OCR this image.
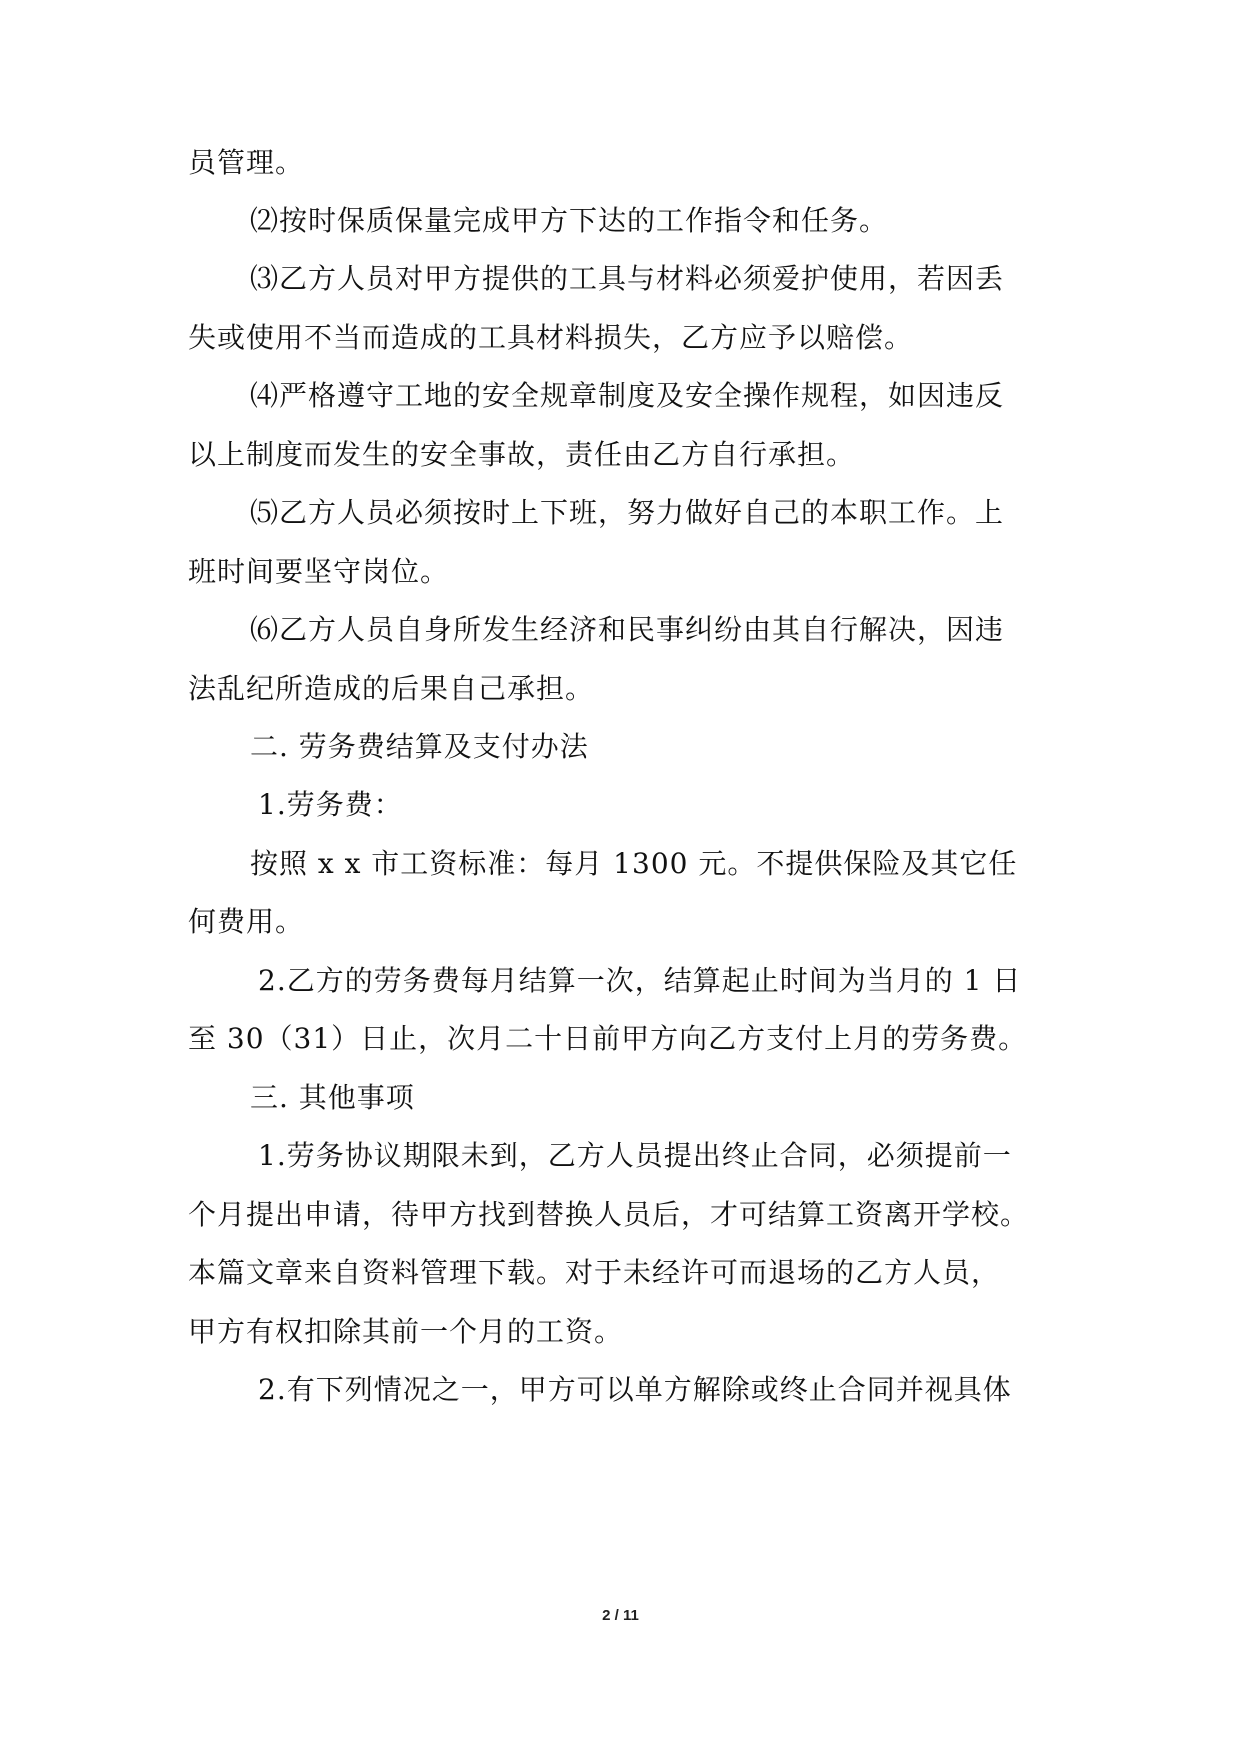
员管理。
⑵按时保质保量完成甲方下达的工作指令和任务。
⑶乙方人员对甲方提供的工具与材料必须爱护使用，若因丢
失或使用不当而造成的工具材料损失，乙方应予以赔偿。
⑷严格遵守工地的安全规章制度及安全操作规程，如因违反
以上制度而发生的安全事故，责任由乙方自行承担。
⑸乙方人员必须按时上下班，努力做好自己的本职工作。上
班时间要坚守岗位。
⑹乙方人员自身所发生经济和民事纠纷由其自行解决，因违
法乱纪所造成的后果自己承担。
二. 劳务费结算及支付办法
1.劳务费：
按照 x x 市工资标准：每月 1300 元。不提供保险及其它任
何费用。
2.乙方的劳务费每月结算一次，结算起止时间为当月的 1 日
至 30（31）日止，次月二十日前甲方向乙方支付上月的劳务费。
三. 其他事项
1.劳务协议期限未到，乙方人员提出终止合同，必须提前一
个月提出申请，待甲方找到替换人员后，才可结算工资离开学校。
本篇文章来自资料管理下载。对于未经许可而退场的乙方人员，
甲方有权扣除其前一个月的工资。
2.有下列情况之一，甲方可以单方解除或终止合同并视具体
2 / 11
